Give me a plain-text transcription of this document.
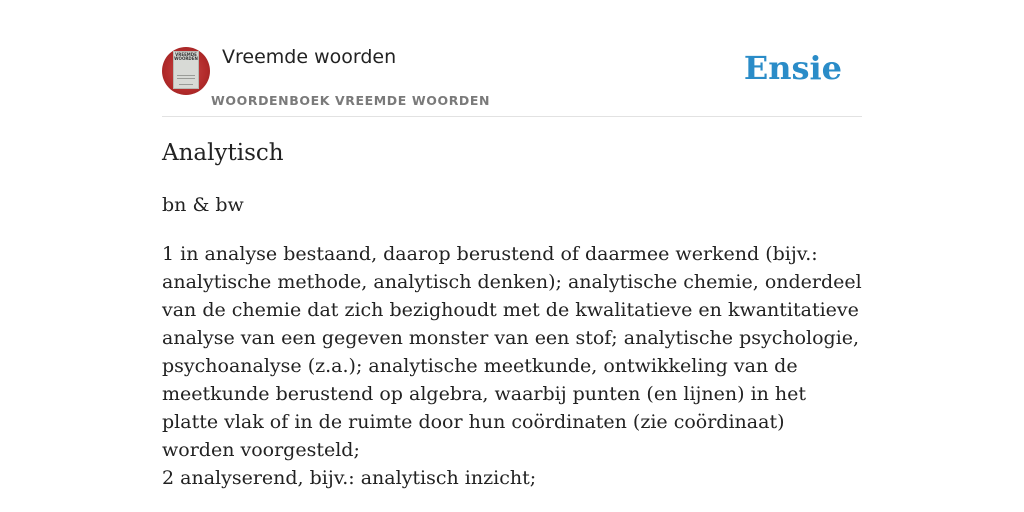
VREEMDE WOORDEN Vreemde woorden
WOORDENBOEK VREEMDE WOORDEN
Ensie
Analytisch

bn & bw

1 in analyse bestaand, daarop berustend of daarmee werkend (bijv.: analytische methode, analytisch denken); analytische chemie, onderdeel van de chemie dat zich bezighoudt met de kwalitatieve en kwantitatieve analyse van een gegeven monster van een stof; analytische psychologie, psychoanalyse (z.a.); analytische meetkunde, ontwikkeling van de meetkunde berustend op algebra, waarbij punten (en lijnen) in het platte vlak of in de ruimte door hun coördinaten (zie coördinaat) worden voorgesteld;

2 analyserend, bijv.: analytisch inzicht;
